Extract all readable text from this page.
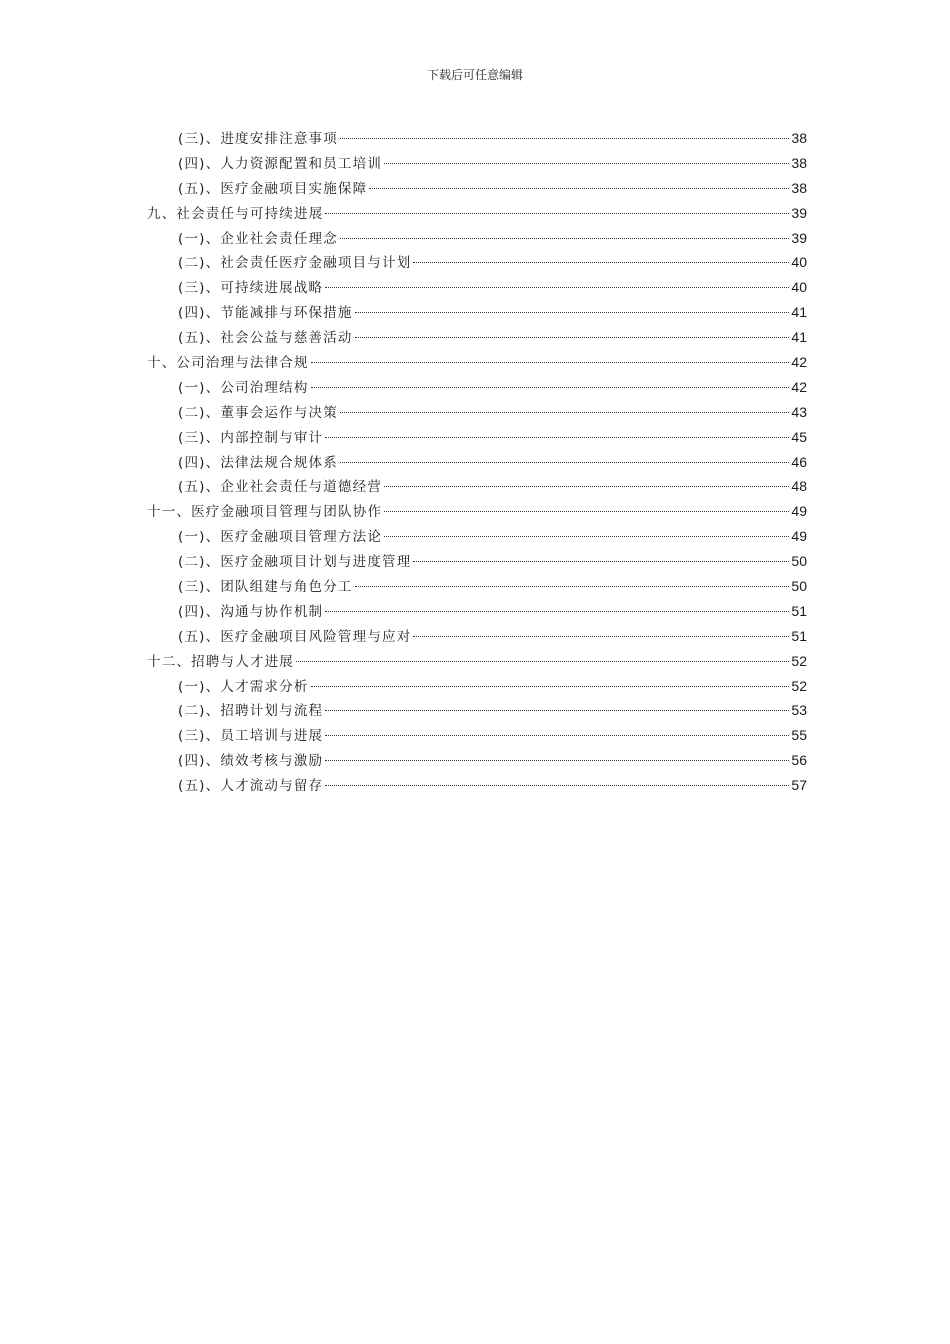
下载后可任意编辑
(三)、进度安排注意事项	38
(四)、人力资源配置和员工培训	38
(五)、医疗金融项目实施保障	38
九、社会责任与可持续进展	39
(一)、企业社会责任理念	39
(二)、社会责任医疗金融项目与计划	40
(三)、可持续进展战略	40
(四)、节能减排与环保措施	41
(五)、社会公益与慈善活动	41
十、公司治理与法律合规	42
(一)、公司治理结构	42
(二)、董事会运作与决策	43
(三)、内部控制与审计	45
(四)、法律法规合规体系	46
(五)、企业社会责任与道德经营	48
十一、医疗金融项目管理与团队协作	49
(一)、医疗金融项目管理方法论	49
(二)、医疗金融项目计划与进度管理	50
(三)、团队组建与角色分工	50
(四)、沟通与协作机制	51
(五)、医疗金融项目风险管理与应对	51
十二、招聘与人才进展	52
(一)、人才需求分析	52
(二)、招聘计划与流程	53
(三)、员工培训与进展	55
(四)、绩效考核与激励	56
(五)、人才流动与留存	57
